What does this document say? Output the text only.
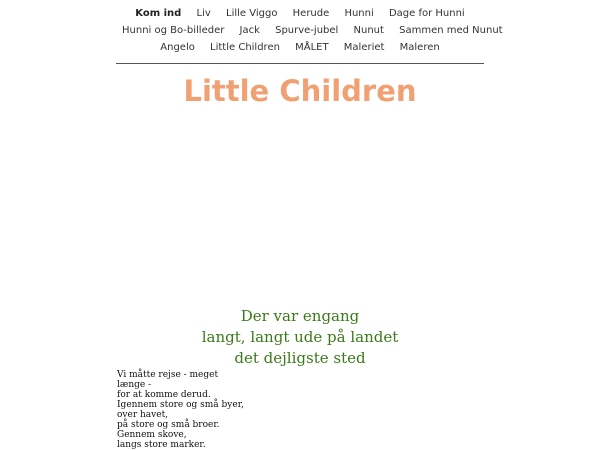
Kom ind Liv Lille Viggo Herude Hunni Dage for Hunni
Hunni og Bo-billeder Jack Spurve-jubel Nunut Sammen med Nunut
Angelo Little Children MÅLET Maleriet Maleren
Little Children
Der var engang
langt, langt ude på landet
det dejligste sted
Vi måtte rejse - meget
længe -
for at komme derud.
Igennem store og små byer,
over havet,
på store og små broer.
Gennem skove,
langs store marker.
